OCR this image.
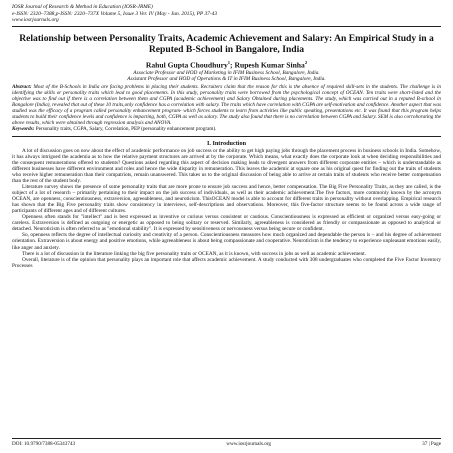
IOSR Journal of Research & Method in Education (IOSR-JRME)
e-ISSN: 2320–7388,p-ISSN: 2320–737X Volume 5, Issue 3 Ver. IV (May - Jun. 2015), PP 37-43
www.iosrjournals.org
Relationship between Personality Traits, Academic Achievement and Salary: An Empirical Study in a Reputed B-School in Bangalore, India
Rahul Gupta Choudhury$^1$; Rupesh Kumar Sinha$^2$
Associate Professor and HOD of Marketing in IFIM Business School, Bangalore, India.
Assistant Professor and HOD of Operations & IT in IFIM Business School, Bangalore, India.
Abstract: Most of the B-Schools in India are facing problems in placing their students. Recruiters claim that the reason for this is the absence of required skill-sets in the students. The challenge is in identifying the skills or personality traits which lead to good placements. In this study, personality traits were borrowed from the psychological concept of OCEAN. Ten traits were short-listed and the objective was to find out if there is a correlation between them and CGPA (academic achievement) and Salary Obtained during placements. The study, which was carried out in a reputed B-school in Bangalore (India), revealed that out of these 10 traits,only confidence has a correlation with salary. The traits which have correlation with CGPA are self-motivation and confidence. Another aspect that was studied was the efficacy of a program called personality enhancement program- which forces students to learn from activities like public speaking, presentations etc. It was found that this program helps students to build their confidence levels and confidence is impacting, both, CGPA as well as salary. The study also found that there is no correlation between CGPA and Salary. SEM is also corroborating the above results, which were obtained through regression analysis and ANOVA.
Keywords: Personality traits, CGPA, Salary, Correlation, PEP (personality enhancement program).
I. Introduction

A lot of discussion goes on now about the effect of academic performance on job success or the ability to get high paying jobs through the placement process in business schools in India. Somehow, it has always intrigued the academia as to how the relative payment structures are arrived at by the corporate. Which means, what exactly does the corporate look at when deciding responsibilities and the consequent remunerations offered to students? Questions asked regarding this aspect of decision making leads to divergent answers from different corporate entities – which is understandable as different businesses have different environment and roles and hence the wide disparity in remuneration. This leaves the academic at square one as his original quest for finding out the traits of students who receive higher remuneration than their compatriots, remain unanswered. This takes us to the original discussion of being able to arrive at certain traits of students who receive better compensation than the rest of the student body.

Literature survey shows the presence of some personality traits that are more prone to ensure job success and hence, better compensation. The Big Five Personality Traits, as they are called, is the subject of a lot of research – primarily pertaining to their impact on the job success of individuals, as well as their academic achievement.The five factors, more commonly known by the acronym OCEAN, are openness, conscientiousness, extraversion, agreeableness, and neuroticism. ThisOCEAN model is able to account for different traits in personality without overlapping. Empirical research has shown that the Big Five personality traits show consistency in interviews, self-descriptions and observations. Moreover, this five-factor structure seems to be found across a wide range of participants of different ages and of different cultures.

Openness often stands for "intellect" and is best expressed as inventive or curious versus consistent or cautious. Conscientiousness is expressed as efficient or organized versus easy-going or careless. Extraversion is defined as outgoing or energetic as opposed to being solitary or reserved. Similarly, agreeableness is considered as friendly or compassionate as opposed to analytical or detached. Neuroticism is often referred to as "emotional stability". It is expressed by sensitiveness or nervousness versus being secure or confident.

So, openness reflects the degree of intellectual curiosity and creativity of a person. Conscientiousness measures how much organized and dependable the person is – and his degree of achievement orientation. Extraversion is about energy and positive emotions, while agreeableness is about being compassionate and cooperative. Neuroticism is the tendency to experience unpleasant emotions easily, like anger and anxiety.

There is a lot of discussion in the literature linking the big five personality traits or OCEAN, as it is known, with success in jobs as well as academic achievement.

Overall, literature is of the opinion that personality plays an important role that affects academic achievement. A study conducted with 308 undergraduates who completed the Five Factor Inventory Processes

DOI: 10.9790/7388-05343743	www.iosrjournals.org	37 | Page
